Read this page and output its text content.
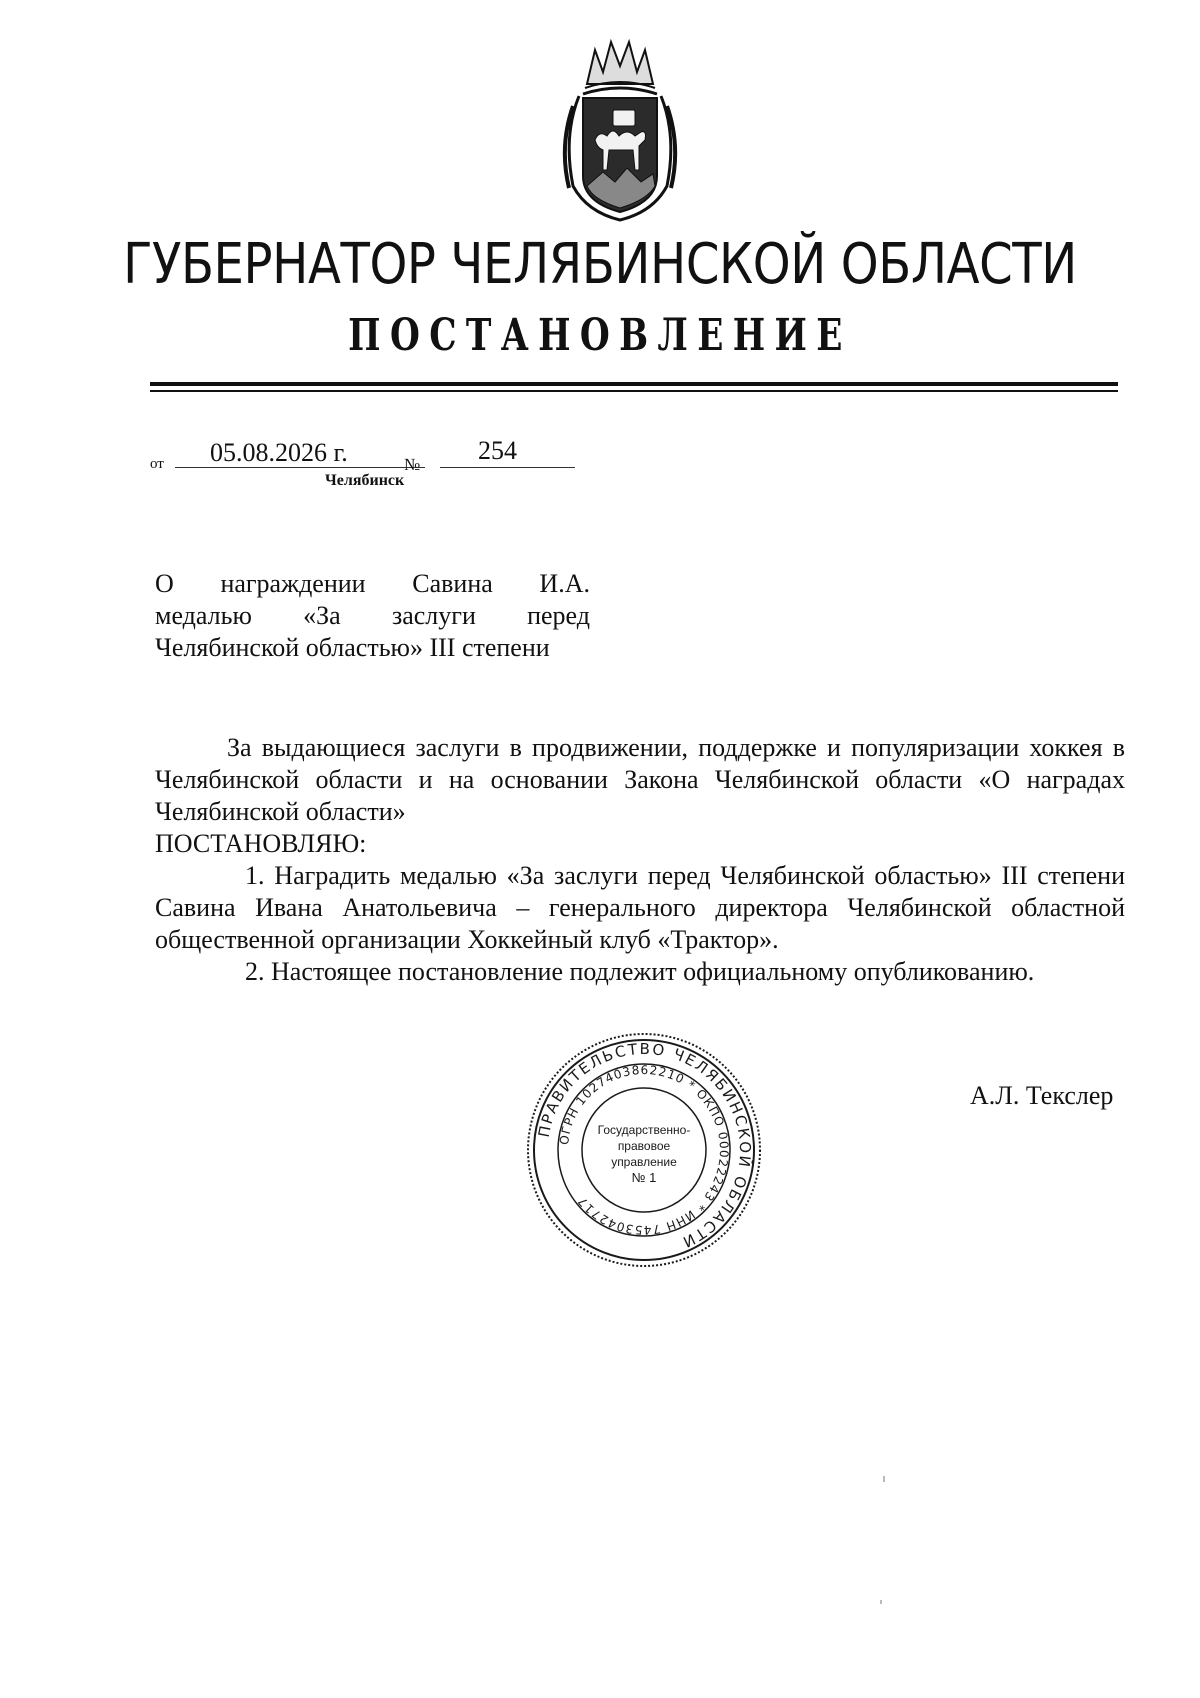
ГУБЕРНАТОР ЧЕЛЯБИНСКОЙ ОБЛАСТИ
ПОСТАНОВЛЕНИЕ
от 05.08.2026 г.	№ 254
Челябинск
О награждении Савина И.А.
медалью «За заслуги перед
Челябинской областью» III степени
За выдающиеся заслуги в продвижении, поддержке и популяризации хоккея в Челябинской области и на основании Закона Челябинской области «О наградах Челябинской области»
ПОСТАНОВЛЯЮ:
1. Наградить медалью «За заслуги перед Челябинской областью» III степени Савина Ивана Анатольевича – генерального директора Челябинской областной общественной организации Хоккейный клуб «Трактор».
2. Настоящее постановление подлежит официальному опубликованию.
ПРАВИТЕЛЬСТВО ЧЕЛЯБИНСКОЙ ОБЛАСТИ
ОГРН 1027403862210 * ОКПО 00022243 * ИНН 7453042717
Государственно-
правовое
управление
№ 1
А.Л. Текслер
